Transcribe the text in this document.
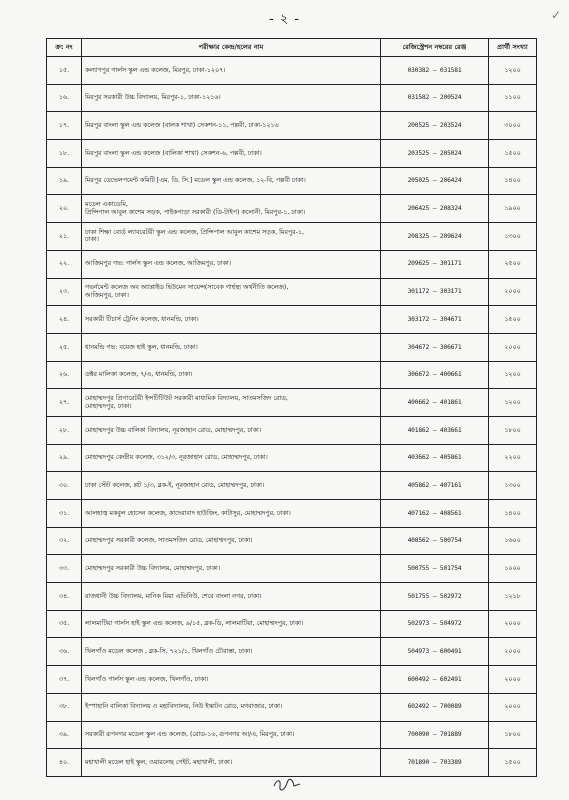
- ২ -	✓
ক্র: নং	পরীক্ষার কেন্দ্র/হলের নাম	রেজিস্ট্রেশন নম্বরের রেঞ্জ	প্রার্থী সংখ্যা
১৫.	কল্যাণপুর গার্লস স্কুল এন্ড কলেজ, মিরপুর, ঢাকা-১২০৭।	030382 – 031581	১২০০
১৬.	মিরপুর সরকারী উচ্চ বিদ্যালয়, মিরপুর-১, ঢাকা-১২১৬।	031582 – 200524	১১০০
১৭.	মিরপুর বাংলা স্কুল এন্ড কলেজ (বালক শাখা) সেকশন-১১, পল্লবী, ঢাকা-১২১৬	200525 – 203524	৩০০০
১৮.	মিরপুর বাংলা স্কুল এন্ড কলেজ (বালিকা শাখা) সেকশন-৬, পল্লবী, ঢাকা।	203525 – 205024	১৫০০
১৯.	মিরপুর ডেভেলপমেন্ট কমিটি [এম. ডি. সি.] মডেল স্কুল এন্ড কলেজ, ১২-বি, পল্লবী ঢাকা।	205025 – 206424	১৪০০
২০.	মডেল একাডেমি,
প্রিন্সিপাল আবুল কাশেম সড়ক, পাইকপাড়া সরকারী (ডি-টাইপ) কলোনী, মিরপুর-১, ঢাকা।	206425 – 208324	১৯০০
২১.	ঢাকা শিক্ষা বোর্ড ল্যাবরেটরী স্কুল এন্ড কলেজ, প্রিন্সিপাল আবুল কাশেম সড়ক, মিরপুর-১,
ঢাকা।	208325 – 209624	১৩০০
২২.	আজিমপুর গভ: গার্লস স্কুল এন্ড কলেজ, আজিমপুর, ঢাকা।	209625 – 301171	২৫০০
২৩.	গভর্নমেন্ট কলেজ অব অ্যাপ্লাইড হিউমেন সায়েন্স(সাবেক গার্হস্থ্য অর্থনীতি কলেজ),
আজিমপুর, ঢাকা।	301172 – 303171	২০০০
২৪.	সরকারী টিচার্স ট্রেনিং কলেজ, ধানমন্ডি, ঢাকা।	303172 – 304671	১৫০০
২৫.	ধানমন্ডি গভ: বয়েজ হাই স্কুল, ধানমন্ডি, ঢাকা।	304672 – 306671	২০০০
২৬.	ডক্টর মালিকা কলেজ, ৭/এ, ধানমন্ডি, ঢাকা।	306672 – 400661	১২০০
২৭.	মোহাম্মদপুর প্রিপারেটরী ইন্সটিটিউট সরকারী মাধ্যমিক বিদ্যালয়, সাতমসজিদ রোড,
মোহাম্মদপুর, ঢাকা।	400662 – 401861	১২০০
২৮.	মোহাম্মদপুর উচ্চ বালিকা বিদ্যালয়, নূরজাহান রোড, মোহাম্মদপুর, ঢাকা।	401862 – 403661	১৮০০
২৯.	মোহাম্মদপুর কেন্দ্রীয় কলেজ, ৩১২/৩, নূরজাহান রোড, মোহাম্মদপুর, ঢাকা।	403662 – 405861	২২০০
৩০.	ঢাকা স্টেট কলেজ, প্লট ১/৩, ব্লক-ই, নূরজাহান রোড, মোহাম্মদপুর, ঢাকা।	405862 – 407161	১৩০০
৩১.	আলহাজ্ব মকবুল হোসেন কলেজ, কাদেরাবাদ হাউজিং, কাটাসুর, মোহাম্মদপুর, ঢাকা।	407162 – 408561	১৪০০
৩২.	মোহাম্মদপুর সরকারী কলেজ, সাতমসজিদ রোড, মোহাম্মদপুর, ঢাকা।	408562 – 500754	১৬০০
৩৩.	মোহাম্মদপুর সরকারী উচ্চ বিদ্যালয়, মোহাম্মদপুর, ঢাকা।	500755 – 501754	১০০০
৩৪.	রাজধানী উচ্চ বিদ্যালয়, মানিক মিয়া এভিনিউ, শেরে বাংলা নগর, ঢাকা।	501755 – 502972	১২১৮
৩৫.	লালমাটিয়া গার্লস হাই স্কুল এন্ড কলেজ, ৯/১৫, ব্লক-ডি, লালমাটিয়া, মোহাম্মদপুর, ঢাকা।	502973 – 504972	২০০০
৩৬.	খিলগাঁও মডেল কলেজ , ব্লক-সি, ৭২১/১, খিলগাঁও চৌরাস্তা, ঢাকা।	504973 – 600491	২০০০
৩৭.	খিলগাঁও গার্লস স্কুল এন্ড কলেজ, খিলগাঁও, ঢাকা।	600492 – 602491	২০০০
৩৮.	ইস্পাহানি বালিকা বিদ্যালয় ও মহাবিদ্যালয়, নিউ ইস্কাটন রোড, মগবাজার, ঢাকা।	602492 – 700089	২০০০
৩৯.	সরকারী রূপনগর মডেল স্কুল এন্ড কলেজ, (রোড-১৬, রূপনগর আ/এ, মিরপুর, ঢাকা।	700090 – 701889	১৮০০
৪০.	মহাখালী মডেল হাই স্কুল, ওয়ারলেছ গেইট, মহাখালী, ঢাকা।	701890 – 703389	১৫০০
